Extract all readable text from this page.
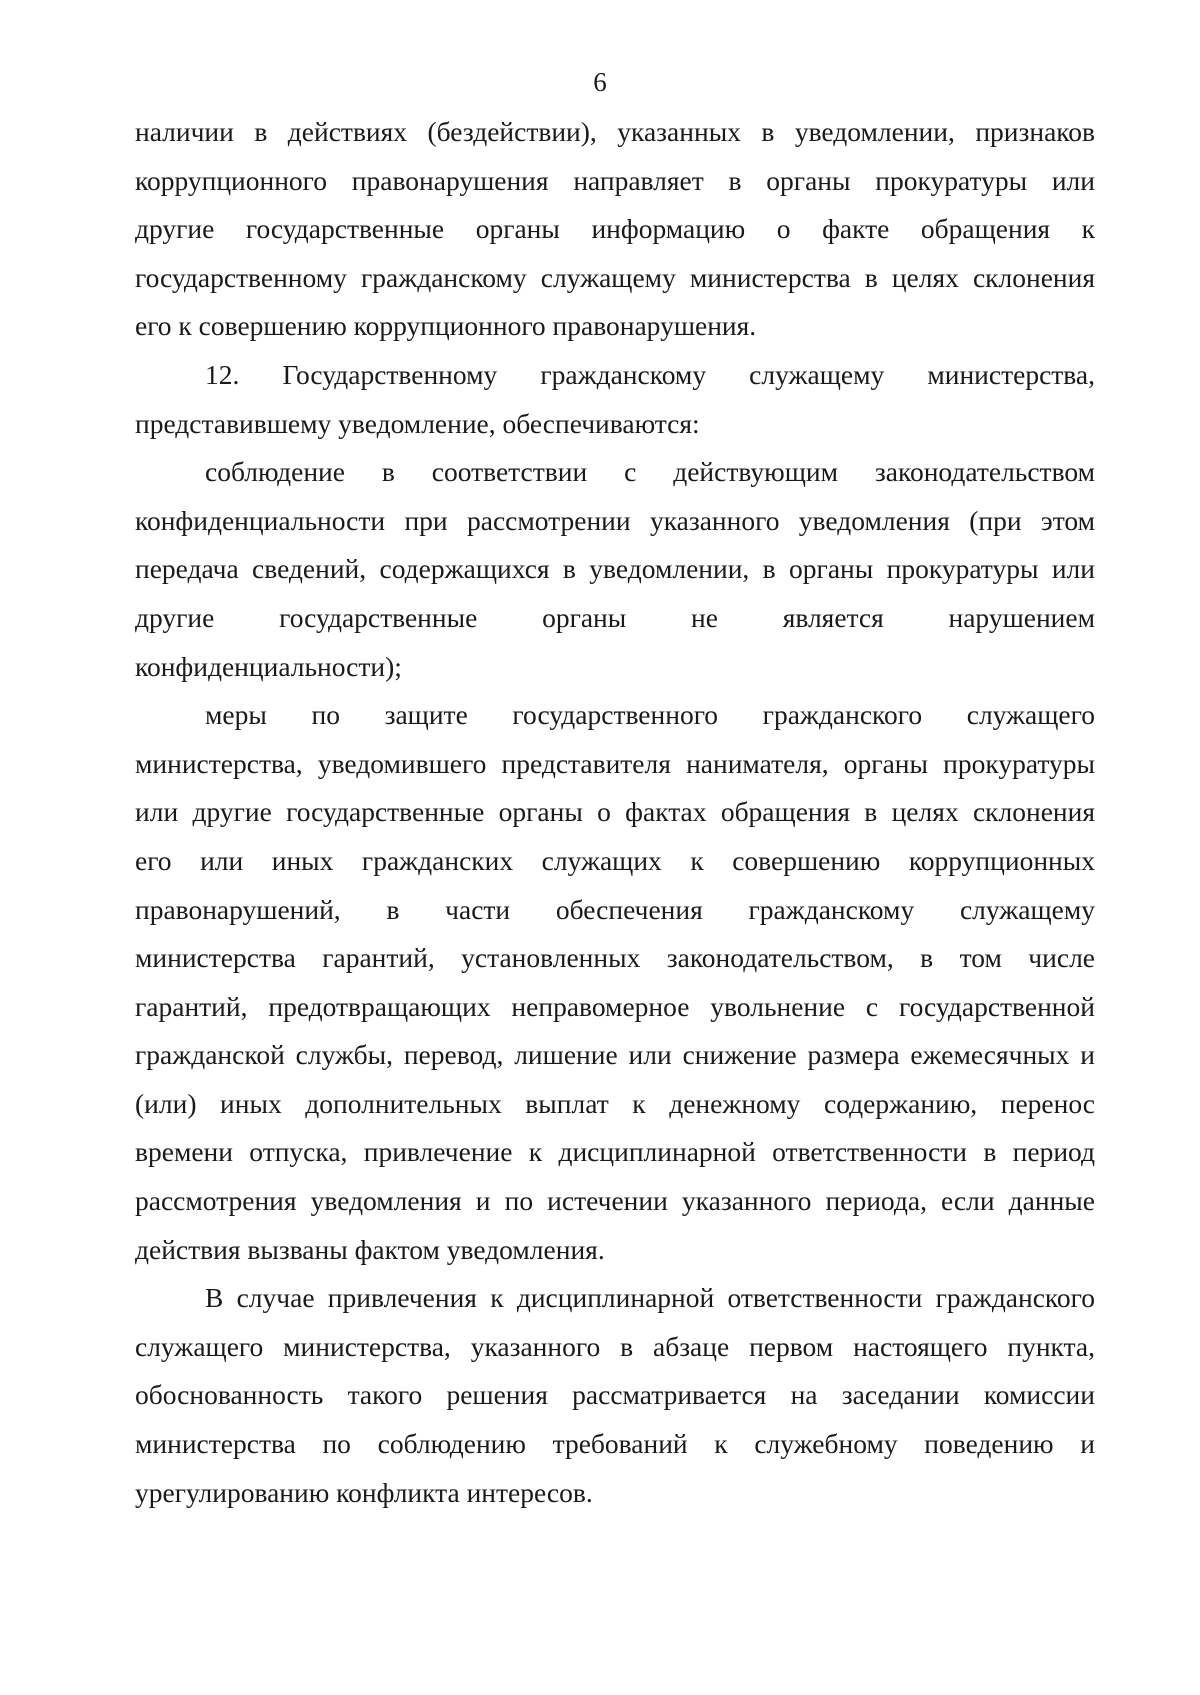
6

наличии в действиях (бездействии), указанных в уведомлении, признаков
коррупционного правонарушения направляет в органы прокуратуры или
другие государственные органы информацию о факте обращения к
государственному гражданскому служащему министерства в целях склонения
его к совершению коррупционного правонарушения.

12. Государственному гражданскому служащему министерства,
представившему уведомление, обеспечиваются:

соблюдение в соответствии с действующим законодательством
конфиденциальности при рассмотрении указанного уведомления (при этом
передача сведений, содержащихся в уведомлении, в органы прокуратуры или
другие государственные органы не является нарушением
конфиденциальности);

меры по защите государственного гражданского служащего
министерства, уведомившего представителя нанимателя, органы прокуратуры
или другие государственные органы о фактах обращения в целях склонения
его или иных гражданских служащих к совершению коррупционных
правонарушений, в части обеспечения гражданскому служащему
министерства гарантий, установленных законодательством, в том числе
гарантий, предотвращающих неправомерное увольнение с государственной
гражданской службы, перевод, лишение или снижение размера ежемесячных и
(или) иных дополнительных выплат к денежному содержанию, перенос
времени отпуска, привлечение к дисциплинарной ответственности в период
рассмотрения уведомления и по истечении указанного периода, если данные
действия вызваны фактом уведомления.

В случае привлечения к дисциплинарной ответственности гражданского
служащего министерства, указанного в абзаце первом настоящего пункта,
обоснованность такого решения рассматривается на заседании комиссии
министерства по соблюдению требований к служебному поведению и
урегулированию конфликта интересов.
